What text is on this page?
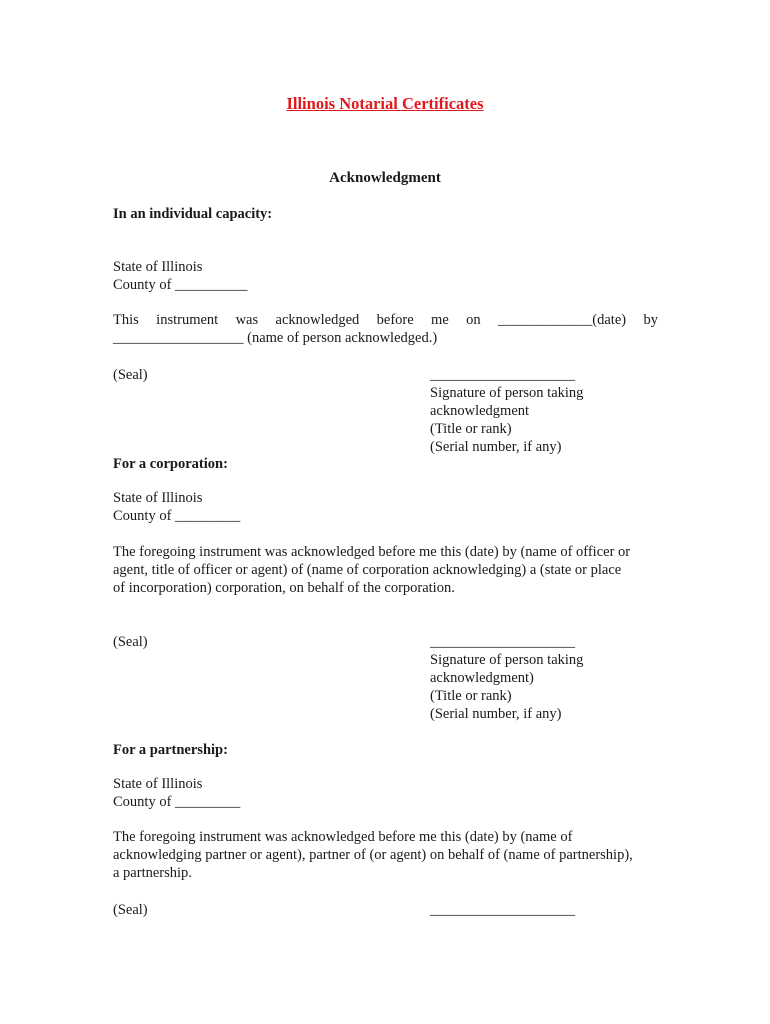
Illinois Notarial Certificates
Acknowledgment
In an individual capacity:
State of Illinois
County of __________
This instrument was acknowledged before me on _____________(date) by
__________________ (name of person acknowledged.)
(Seal)	____________________
Signature of person taking
acknowledgment
(Title or rank)
(Serial number, if any)
For a corporation:
State of Illinois
County of _________
The foregoing instrument was acknowledged before me this (date) by (name of officer or
agent, title of officer or agent) of (name of corporation acknowledging) a (state or place
of incorporation) corporation, on behalf of the corporation.
(Seal)	____________________
Signature of person taking
acknowledgment)
(Title or rank)
(Serial number, if any)
For a partnership:
State of Illinois
County of _________
The foregoing instrument was acknowledged before me this (date) by (name of
acknowledging partner or agent), partner of (or agent) on behalf of (name of partnership),
a partnership.
(Seal)	____________________
